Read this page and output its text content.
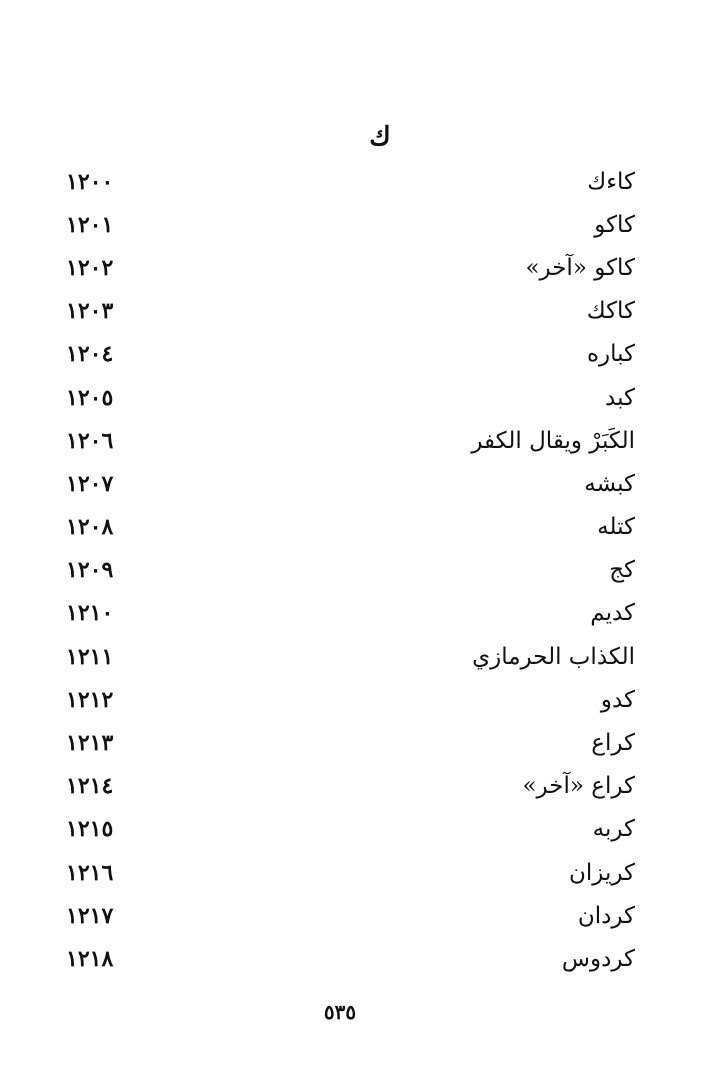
ك
١٢٠٠	كاءك
١٢٠١	كاكو
١٢٠٢	كاكو «آخر»
١٢٠٣	كاكك
١٢٠٤	كباره
١٢٠٥	كبد
١٢٠٦	الكَبَرْ ويقال الكفر
١٢٠٧	كبشه
١٢٠٨	كتله
١٢٠٩	كج
١٢١٠	كديم
١٢١١	الكذاب الحرمازي
١٢١٢	كدو
١٢١٣	كراع
١٢١٤	كراع «آخر»
١٢١٥	كربه
١٢١٦	كريزان
١٢١٧	كردان
١٢١٨	كردوس
٥٣٥
